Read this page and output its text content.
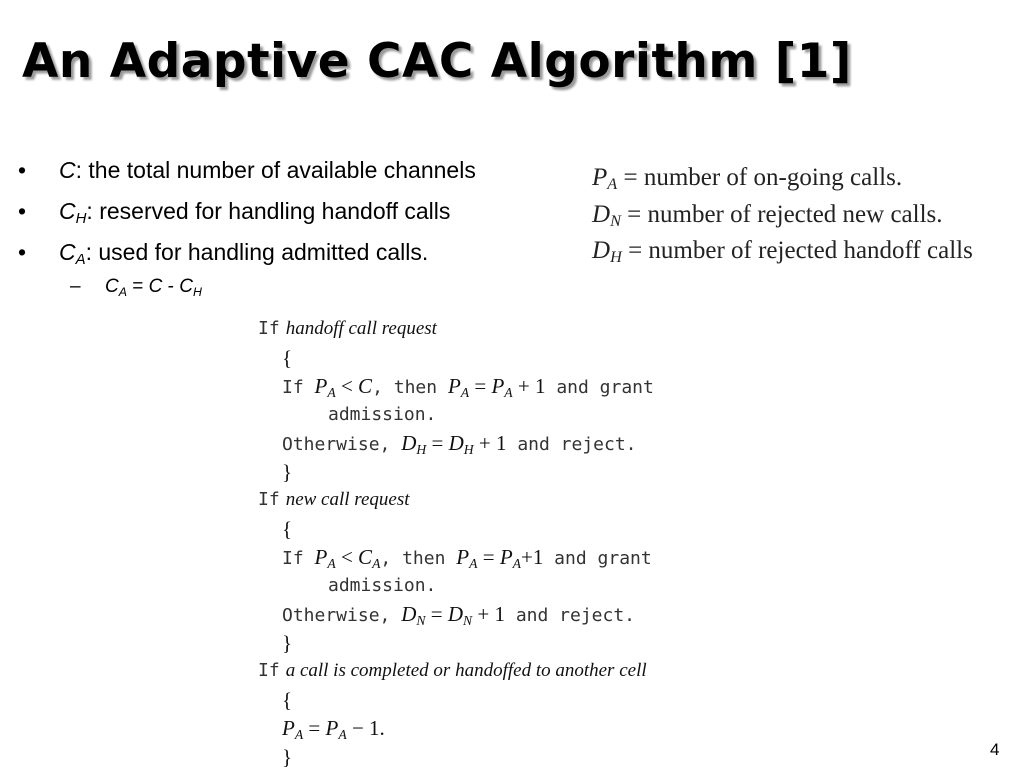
An Adaptive CAC Algorithm [1]
• C: the total number of available channels
• $C_H$: reserved for handling handoff calls
• $C_A$: used for handling admitted calls.
– $C_A = C - C_H$
$P_A$ = number of on-going calls.
$D_N$ = number of rejected new calls.
$D_H$ = number of rejected handoff calls
If handoff call request
{
If $P_A < C$, then $P_A = P_A + 1$ and grant
admission.
Otherwise, $D_H = D_H + 1$ and reject.
}
If new call request
{
If $P_A < C_A$, then $P_A = P_A+1$ and grant
admission.
Otherwise, $D_N = D_N + 1$ and reject.
}
If a call is completed or handoffed to another cell
{
$P_A = P_A - 1$.
}	4
